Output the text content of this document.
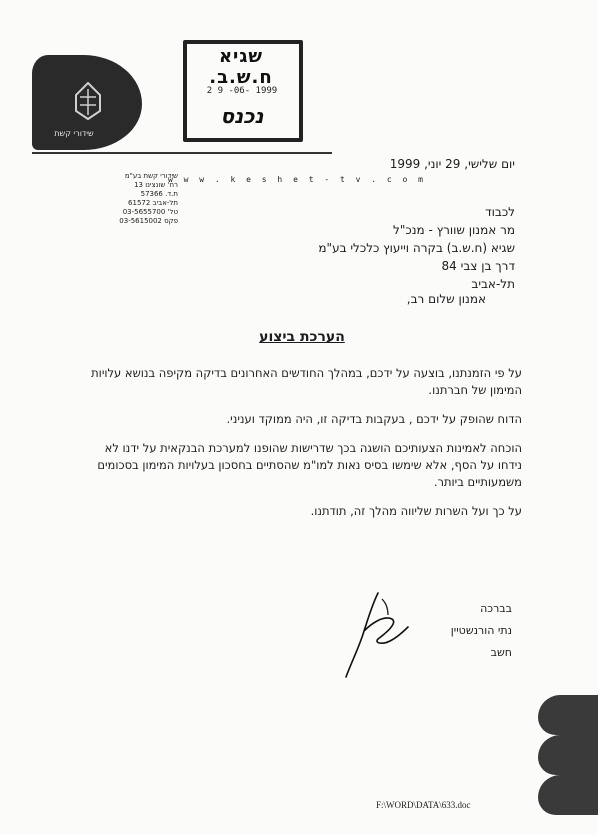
שידורי קשת
שידורי קשת בע"מ
רח' שונצינו 13
ת.ד. 57366
תל-אביב 61572
טל' 03-5655700
פקס 03-5615002
w w w . k e s h e t - t v . c o m
שגיא ח.ש.ב.
2 9 -06- 1999
נכנס
יום שלישי, 29 יוני, 1999
לכבוד
מר אמנון שוורץ - מנכ"ל
שגיא (ח.ש.ב) בקרה וייעוץ כלכלי בע"מ
דרך בן צבי 84
תל-אביב
אמנון שלום רב,
הערכת ביצוע

על פי הזמנתנו, בוצעה על ידכם, במהלך החודשים האחרונים בדיקה מקיפה בנושא עלויות המימון של חברתנו.

הדוח שהופק על ידכם , בעקבות בדיקה זו, היה ממוקד ועניני.

הוכחה לאמינות הצעותיכם הושגה בכך שדרישות שהופנו למערכת הבנקאית על ידנו לא נידחו על הסף, אלא שימשו בסיס נאות למו"מ שהסתיים בחסכון בעלויות המימון בסכומים משמעותיים ביותר.

על כך ועל השרות שליווה מהלך זה, תודתנו.

בברכה
נתי הורנשטיין
חשב
F:\WORD\DATA\633.doc
